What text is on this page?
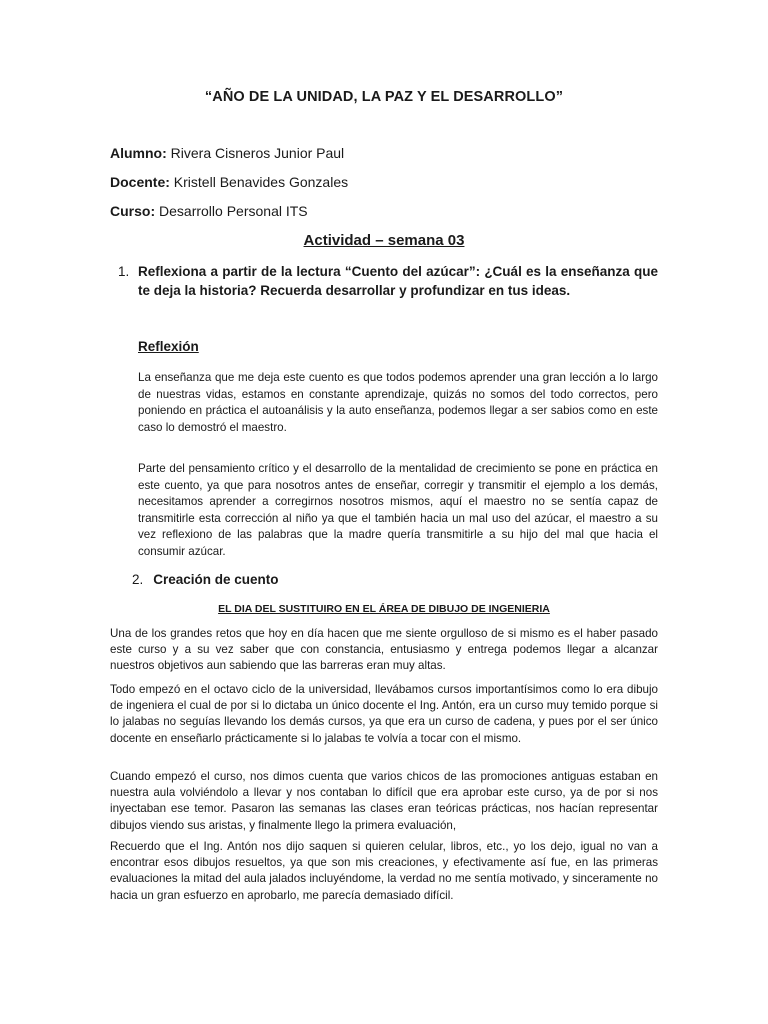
“AÑO DE LA UNIDAD, LA PAZ Y EL DESARROLLO”
Alumno: Rivera Cisneros Junior Paul
Docente: Kristell Benavides Gonzales
Curso: Desarrollo Personal ITS
Actividad – semana 03
1. Reflexiona a partir de la lectura “Cuento del azúcar”: ¿Cuál es la enseñanza que te deja la historia? Recuerda desarrollar y profundizar en tus ideas.
Reflexión
La enseñanza que me deja este cuento es que todos podemos aprender una gran lección a lo largo de nuestras vidas, estamos en constante aprendizaje, quizás no somos del todo correctos, pero poniendo en práctica el autoanálisis y la auto enseñanza, podemos llegar a ser sabios como en este caso lo demostró el maestro.
Parte del pensamiento crítico y el desarrollo de la mentalidad de crecimiento se pone en práctica en este cuento, ya que para nosotros antes de enseñar, corregir y transmitir el ejemplo a los demás, necesitamos aprender a corregirnos nosotros mismos, aquí el maestro no se sentía capaz de transmitirle esta corrección al niño ya que el también hacia un mal uso del azúcar, el maestro a su vez reflexiono de las palabras que la madre quería transmitirle a su hijo del mal que hacia el consumir azúcar.
2. Creación de cuento
EL DIA DEL SUSTITUIRO EN EL ÁREA DE DIBUJO DE INGENIERIA
Una de los grandes retos que hoy en día hacen que me siente orgulloso de si mismo es el haber pasado este curso y a su vez saber que con constancia, entusiasmo y entrega podemos llegar a alcanzar nuestros objetivos aun sabiendo que las barreras eran muy altas.
Todo empezó en el octavo ciclo de la universidad, llevábamos cursos importantísimos como lo era dibujo de ingeniera el cual de por si lo dictaba un único docente el Ing. Antón, era un curso muy temido porque si lo jalabas no seguías llevando los demás cursos, ya que era un curso de cadena, y pues por el ser único docente en enseñarlo prácticamente si lo jalabas te volvía a tocar con el mismo.
Cuando empezó el curso, nos dimos cuenta que varios chicos de las promociones antiguas estaban en nuestra aula volviéndolo a llevar y nos contaban lo difícil que era aprobar este curso, ya de por si nos inyectaban ese temor. Pasaron las semanas las clases eran teóricas prácticas, nos hacían representar dibujos viendo sus aristas, y finalmente llego la primera evaluación,
Recuerdo que el Ing. Antón nos dijo saquen si quieren celular, libros, etc., yo los dejo, igual no van a encontrar esos dibujos resueltos, ya que son mis creaciones, y efectivamente así fue, en las primeras evaluaciones la mitad del aula jalados incluyéndome, la verdad no me sentía motivado, y sinceramente no hacia un gran esfuerzo en aprobarlo, me parecía demasiado difícil.
